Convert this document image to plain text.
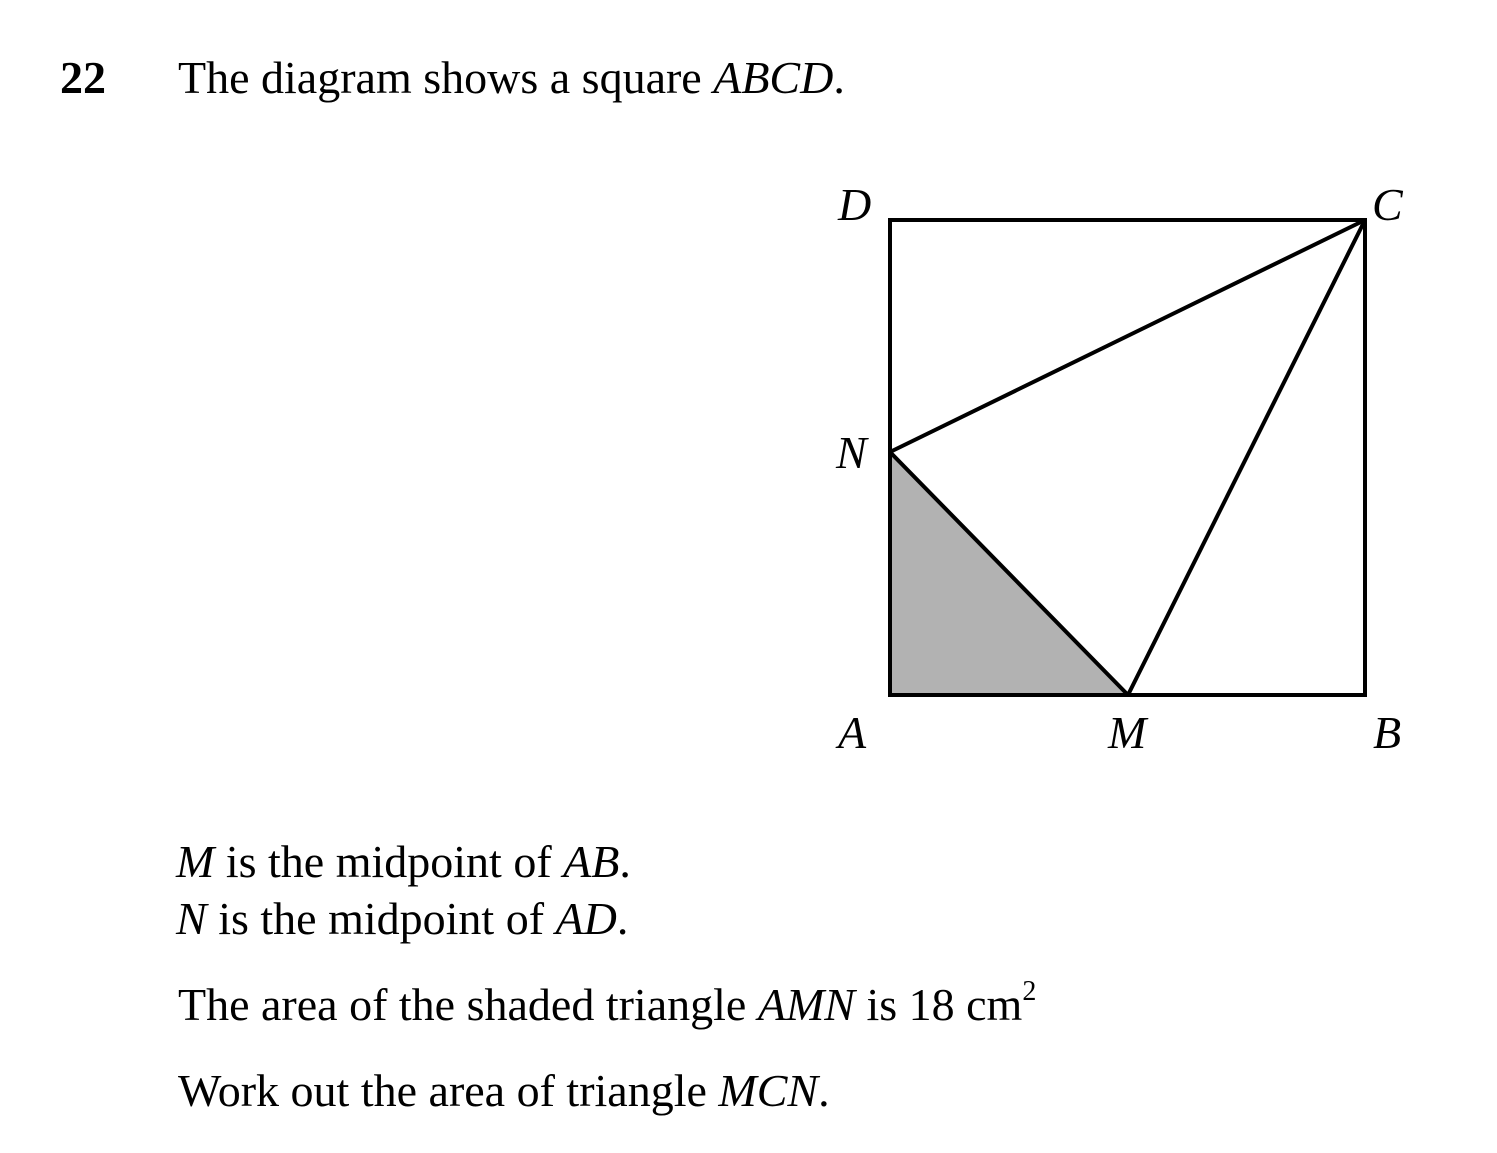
22 The diagram shows a square ABCD.
D	C
N
A	M	B
M is the midpoint of AB.
N is the midpoint of AD.
The area of the shaded triangle AMN is 18 $cm^2$
Work out the area of triangle MCN.
